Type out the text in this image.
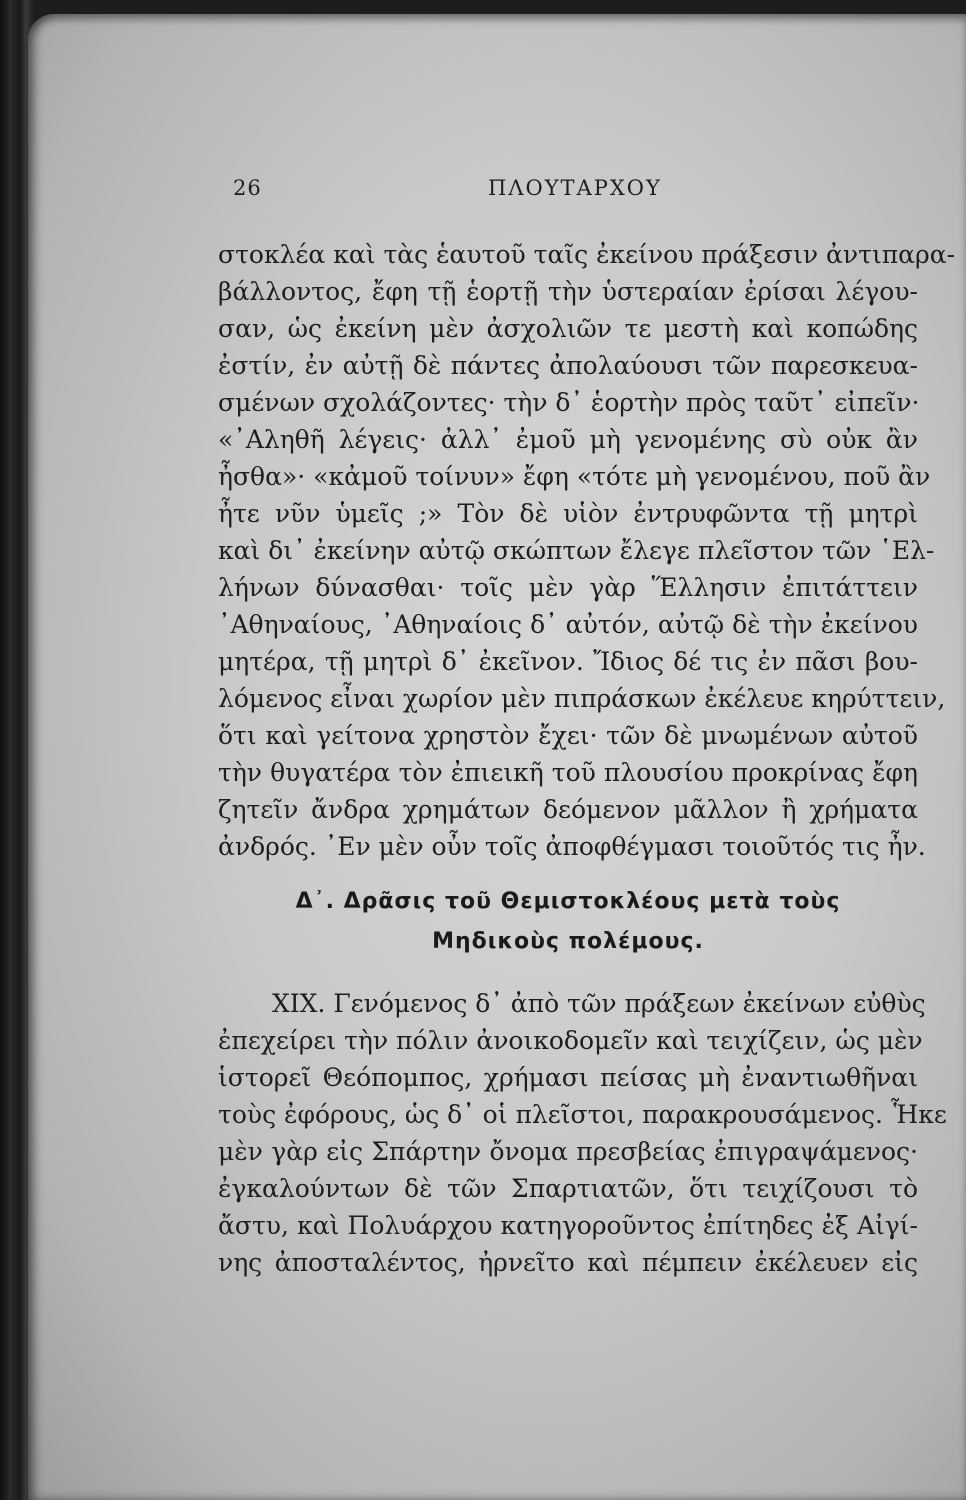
26	ΠΛΟΥΤΑΡΧΟΥ
στοκλέα καὶ τὰς ἑαυτοῦ ταῖς ἐκείνου πράξεσιν ἀντιπαρα-
βάλλοντος, ἔφη τῇ ἑορτῇ τὴν ὑστεραίαν ἐρίσαι λέγου-
σαν, ὡς ἐκείνη μὲν ἀσχολιῶν τε μεστὴ καὶ κοπώδης
ἐστίν, ἐν αὐτῇ δὲ πάντες ἀπολαύουσι τῶν παρεσκευα-
σμένων σχολάζοντες· τὴν δ᾽ ἑορτὴν πρὸς ταῦτ᾽ εἰπεῖν·
«᾽Αληθῆ λέγεις· ἀλλ᾽ ἐμοῦ μὴ γενομένης σὺ οὐκ ἂν
ἦσθα»· «κἀμοῦ τοίνυν» ἔφη «τότε μὴ γενομένου, ποῦ ἂν
ἦτε νῦν ὑμεῖς ;» Τὸν δὲ υἱὸν ἐντρυφῶντα τῇ μητρὶ
καὶ δι᾽ ἐκείνην αὐτῷ σκώπτων ἔλεγε πλεῖστον τῶν ῾Ελ-
λήνων δύνασθαι· τοῖς μὲν γὰρ Ἕλλησιν ἐπιτάττειν
᾽Αθηναίους, ᾽Αθηναίοις δ᾽ αὐτόν, αὐτῷ δὲ τὴν ἐκείνου
μητέρα, τῇ μητρὶ δ᾽ ἐκεῖνον. Ἴδιος δέ τις ἐν πᾶσι βου-
λόμενος εἶναι χωρίον μὲν πιπράσκων ἐκέλευε κηρύττειν,
ὅτι καὶ γείτονα χρηστὸν ἔχει· τῶν δὲ μνωμένων αὐτοῦ
τὴν θυγατέρα τὸν ἐπιεικῆ τοῦ πλουσίου προκρίνας ἔφη
ζητεῖν ἄνδρα χρημάτων δεόμενον μᾶλλον ἢ χρήματα
ἀνδρός. ᾽Εν μὲν οὖν τοῖς ἀποφθέγμασι τοιοῦτός τις ἦν.
Δ᾽. Δρᾶσις τοῦ Θεμιστοκλέους μετὰ τοὺς
Μηδικοὺς πολέμους.
XIX. Γενόμενος δ᾽ ἀπὸ τῶν πράξεων ἐκείνων εὐθὺς
ἐπεχείρει τὴν πόλιν ἀνοικοδομεῖν καὶ τειχίζειν, ὡς μὲν
ἱστορεῖ Θεόπομπος, χρήμασι πείσας μὴ ἐναντιωθῆναι
τοὺς ἐφόρους, ὡς δ᾽ οἱ πλεῖστοι, παρακρουσάμενος. Ἧκε
μὲν γὰρ εἰς Σπάρτην ὄνομα πρεσβείας ἐπιγραψάμενος·
ἐγκαλούντων δὲ τῶν Σπαρτιατῶν, ὅτι τειχίζουσι τὸ
ἄστυ, καὶ Πολυάρχου κατηγοροῦντος ἐπίτηδες ἐξ Αἰγί-
νης ἀποσταλέντος, ἠρνεῖτο καὶ πέμπειν ἐκέλευεν εἰς
